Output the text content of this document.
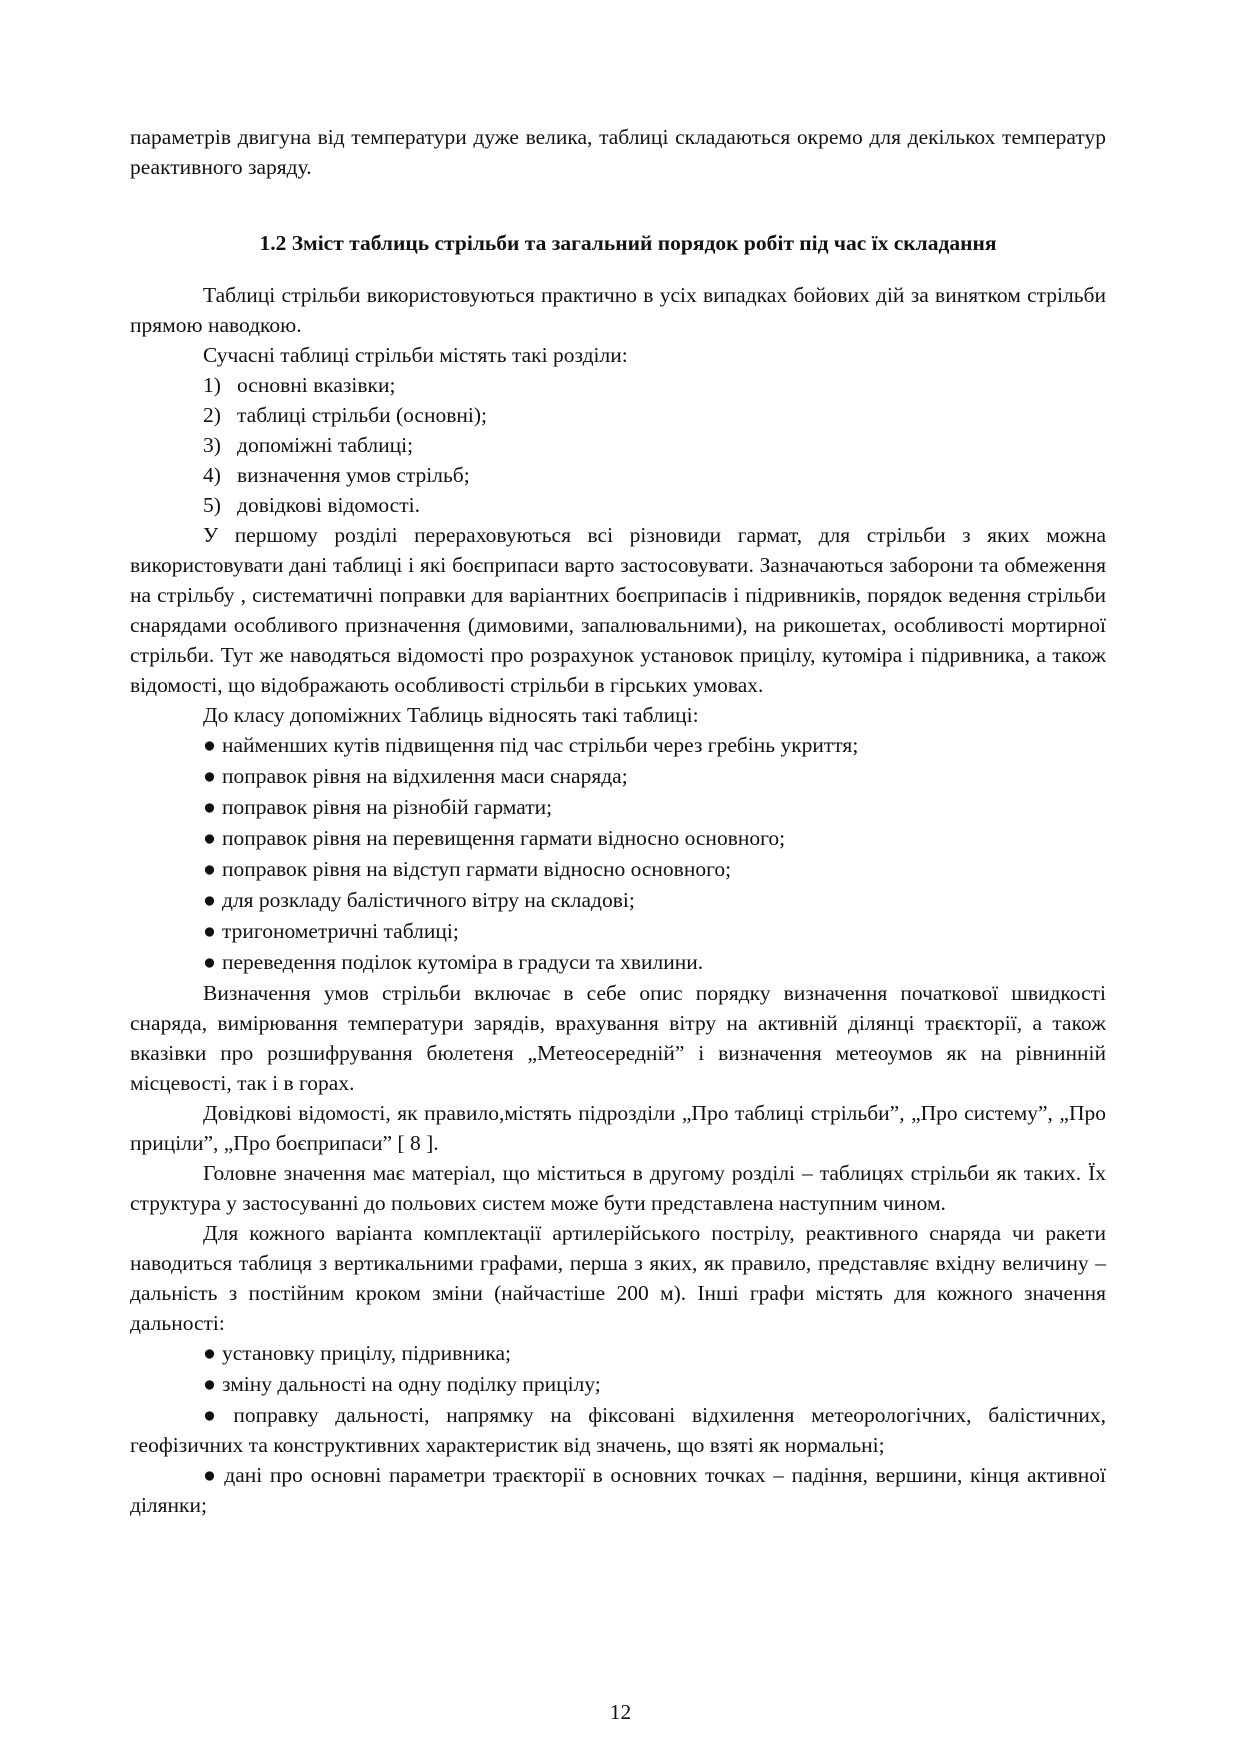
параметрів двигуна від температури дуже велика, таблиці складаються окремо для декількох температур реактивного заряду.

1.2 Зміст таблиць стрільби та загальний порядок робіт під час їх складання

Таблиці стрільби використовуються практично в усіх випадках бойових дій за винятком стрільби прямою наводкою.

Сучасні таблиці стрільби містять такі розділи:

1) основні вказівки;
2) таблиці стрільби (основні);
3) допоміжні таблиці;
4) визначення умов стрільб;
5) довідкові відомості.

У першому розділі перераховуються всі різновиди гармат, для стрільби з яких можна використовувати дані таблиці і які боєприпаси варто застосовувати. Зазначаються заборони та обмеження на стрільбу , систематичні поправки для варіантних боєприпасів і підривників, порядок ведення стрільби снарядами особливого призначення (димовими, запалювальними), на рикошетах, особливості мортирної стрільби. Тут же наводяться відомості про розрахунок установок прицілу, кутоміра і підривника, а також відомості, що відображають особливості стрільби в гірських умовах.

До класу допоміжних Таблиць відносять такі таблиці:

● найменших кутів підвищення під час стрільби через гребінь укриття;
● поправок рівня на відхилення маси снаряда;
● поправок рівня на різнобій гармати;
● поправок рівня на перевищення гармати відносно основного;
● поправок рівня на відступ гармати відносно основного;
● для розкладу балістичного вітру на складові;
● тригонометричні таблиці;
● переведення поділок кутоміра в градуси та хвилини.

Визначення умов стрільби включає в себе опис порядку визначення початкової швидкості снаряда, вимірювання температури зарядів, врахування вітру на активній ділянці траєкторії, а також вказівки про розшифрування бюлетеня „Метеосередній” і визначення метеоумов як на рівнинній місцевості, так і в горах.

Довідкові відомості, як правило,містять підрозділи „Про таблиці стрільби”, „Про систему”, „Про приціли”, „Про боєприпаси” [ 8 ].

Головне значення має матеріал, що міститься в другому розділі – таблицях стрільби як таких. Їх структура у застосуванні до польових систем може бути представлена наступним чином.

Для кожного варіанта комплектації артилерійського пострілу, реактивного снаряда чи ракети наводиться таблиця з вертикальними графами, перша з яких, як правило, представляє вхідну величину – дальність з постійним кроком зміни (найчастіше 200 м). Інші графи містять для кожного значення дальності:

● установку прицілу, підривника;
● зміну дальності на одну поділку прицілу;

● поправку дальності, напрямку на фіксовані відхилення метеорологічних, балістичних, геофізичних та конструктивних характеристик від значень, що взяті як нормальні;

● дані про основні параметри траєкторії в основних точках – падіння, вершини, кінця активної ділянки;

12
